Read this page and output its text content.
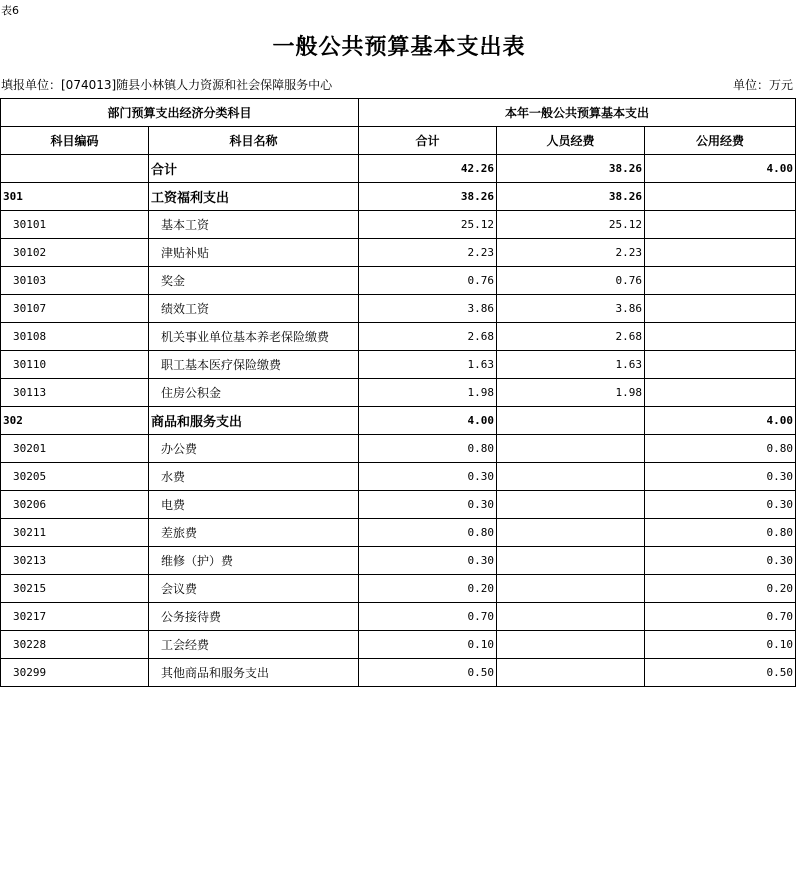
表6
一般公共预算基本支出表
填报单位：[074013]随县小林镇人力资源和社会保障服务中心	单位：万元
部门预算支出经济分类科目		本年一般公共预算基本支出		
科目编码	科目名称	合计	人员经费	公用经费
	合计	42.26	38.26	4.00
301	工资福利支出	38.26	38.26	
30101	基本工资	25.12	25.12	
30102	津贴补贴	2.23	2.23	
30103	奖金	0.76	0.76	
30107	绩效工资	3.86	3.86	
30108	机关事业单位基本养老保险缴费	2.68	2.68	
30110	职工基本医疗保险缴费	1.63	1.63	
30113	住房公积金	1.98	1.98	
302	商品和服务支出	4.00		4.00
30201	办公费	0.80		0.80
30205	水费	0.30		0.30
30206	电费	0.30		0.30
30211	差旅费	0.80		0.80
30213	维修（护）费	0.30		0.30
30215	会议费	0.20		0.20
30217	公务接待费	0.70		0.70
30228	工会经费	0.10		0.10
30299	其他商品和服务支出	0.50		0.50
